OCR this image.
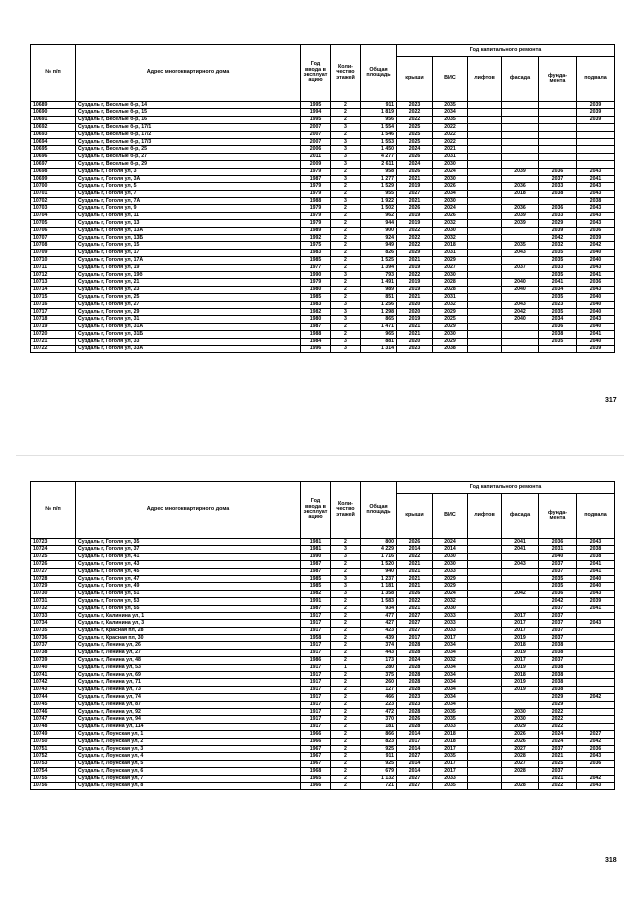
№ п/п	Адрес многоквартирного дома	Год ввода в эксплуат ацию	Коли-чество этажей	Общая площадь	Год капитального ремонта					
					крыши	ВИС	лифтов	фасада	фунда-мента	подвала
10689	Суздаль г, Веселые б-р, 14	1995	2	911	2023	2035				2039
10690	Суздаль г, Веселые б-р, 15	1994	2	1 819	2022	2034				2039
10691	Суздаль г, Веселые б-р, 16	1995	2	956	2022	2035				2039
10692	Суздаль г, Веселые б-р, 17/1	2007	3	1 554	2025	2022				
10693	Суздаль г, Веселые б-р, 17/2	2007	2	1 546	2025	2022				
10694	Суздаль г, Веселые б-р, 17/3	2007	3	1 553	2025	2022				
10695	Суздаль г, Веселые б-р, 25	2006	3	1 450	2024	2021				
10696	Суздаль г, Веселые б-р, 27	2011	3	4 277	2026	2031				
10697	Суздаль г, Веселые б-р, 29	2009	3	2 611	2024	2030				
10698	Суздаль г, Гоголя ул, 3	1979	2	958	2026	2024		2039	2036	2043
10699	Суздаль г, Гоголя ул, 3А	1987	3	1 277	2021	2030			2037	2041
10700	Суздаль г, Гоголя ул, 5	1979	2	1 529	2019	2026		2036	2033	2043
10701	Суздаль г, Гоголя ул, 7	1979	2	955	2027	2034		2018	2038	2043
10702	Суздаль г, Гоголя ул, 7А	1988	3	1 922	2021	2030				2038
10703	Суздаль г, Гоголя ул, 9	1979	2	1 502	2026	2024		2036	2036	2043
10704	Суздаль г, Гоголя ул, 11	1979	2	962	2019	2026		2039	2033	2043
10705	Суздаль г, Гоголя ул, 13	1979	2	944	2019	2032		2039	2029	2043
10706	Суздаль г, Гоголя ул, 13А	1989	2	900	2022	2030			2039	2036
10707	Суздаль г, Гоголя ул, 13Б	1992	2	924	2022	2032			2042	2039
10708	Суздаль г, Гоголя ул, 15	1975	2	949	2022	2018		2035	2032	2042
10709	Суздаль г, Гоголя ул, 17	1983	2	826	2029	2031		2043	2035	2040
10710	Суздаль г, Гоголя ул, 17А	1985	2	1 525	2021	2029			2035	2040
10711	Суздаль г, Гоголя ул, 19	1977	2	1 394	2019	2027		2037	2033	2043
10712	Суздаль г, Гоголя ул, 19б	1990	3	793	2022	2030			2035	2041
10713	Суздаль г, Гоголя ул, 21	1979	2	1 491	2019	2028		2040	2041	2036
10714	Суздаль г, Гоголя ул, 23	1980	2	989	2019	2028		2040	2034	2043
10715	Суздаль г, Гоголя ул, 25	1985	2	851	2021	2031			2035	2040
10716	Суздаль г, Гоголя ул, 27	1983	3	1 256	2020	2032		2043	2023	2040
10717	Суздаль г, Гоголя ул, 29	1982	3	1 298	2020	2029		2042	2035	2040
10718	Суздаль г, Гоголя ул, 31	1980	3	865	2019	2025		2040	2034	2043
10719	Суздаль г, Гоголя ул, 31А	1987	2	1 471	2021	2029			2036	2040
10720	Суздаль г, Гоголя ул, 31Б	1988	2	965	2021	2030			2038	2041
10721	Суздаль г, Гоголя ул, 33	1984	3	881	2020	2029			2035	2040
10722	Суздаль г, Гоголя ул, 33А	1996	3	1 314	2023	2038				2039
317
№ п/п	Адрес многоквартирного дома	Год ввода в эксплуат ацию	Коли-чество этажей	Общая площадь	Год капитального ремонта					
					крыши	ВИС	лифтов	фасада	фунда-мента	подвала
10723	Суздаль г, Гоголя ул, 35	1981	2	800	2026	2024		2041	2036	2043
10724	Суздаль г, Гоголя ул, 37	1981	3	4 229	2014	2014		2041	2031	2038
10725	Суздаль г, Гоголя ул, 41	1990	3	1 716	2022	2030			2040	2038
10726	Суздаль г, Гоголя ул, 43	1987	2	1 520	2021	2030		2043	2037	2041
10727	Суздаль г, Гоголя ул, 45	1987	2	940	2021	2033			2037	2041
10728	Суздаль г, Гоголя ул, 47	1985	3	1 237	2021	2029			2035	2040
10729	Суздаль г, Гоголя ул, 49	1985	3	1 181	2021	2029			2035	2040
10730	Суздаль г, Гоголя ул, 51	1982	3	1 358	2026	2024		2042	2036	2043
10731	Суздаль г, Гоголя ул, 53	1991	2	1 583	2022	2032			2042	2039
10732	Суздаль г, Гоголя ул, 55	1987	2	934	2021	2030			2037	2041
10733	Суздаль г, Калинина ул, 1	1917	2	477	2027	2033		2017	2037	
10734	Суздаль г, Калинина ул, 3	1917	2	427	2027	2033		2017	2037	2043
10735	Суздаль г, Красная пл, 28	1917	2	423	2027	2033		2017	2037	
10736	Суздаль г, Красная пл, 30	1958	2	439	2017	2017		2019	2037	
10737	Суздаль г, Ленина ул, 26	1917	2	374	2028	2034		2018	2038	
10738	Суздаль г, Ленина ул, 27	1917	2	443	2028	2034		2019	2038	
10739	Суздаль г, Ленина ул, 48	1986	2	173	2024	2032		2017	2037	
10740	Суздаль г, Ленина ул, 53	1917	1	280	2028	2034		2019	2038	
10741	Суздаль г, Ленина ул, 69	1917	2	375	2028	2034		2018	2038	
10742	Суздаль г, Ленина ул, 71	1917	2	260	2028	2034		2019	2038	
10743	Суздаль г, Ленина ул, 73	1917	2	127	2028	2034		2019	2038	
10744	Суздаль г, Ленина ул, 74	1917	2	466	2023	2034			2029	2042
10745	Суздаль г, Ленина ул, 87	1917	2	223	2023	2034			2029	
10746	Суздаль г, Ленина ул, 92	1917	2	472	2028	2035		2030	2022	
10747	Суздаль г, Ленина ул, 94	1917	2	370	2026	2035		2030	2022	
10748	Суздаль г, Ленина ул, 114	1917	2	181	2028	2033		2029	2022	
10749	Суздаль г, Лоунская ул, 1	1966	2	866	2014	2018		2026	2024	2027
10750	Суздаль г, Лоунская ул, 2	1966	2	823	2017	2018		2026	2024	2042
10751	Суздаль г, Лоунская ул, 3	1967	2	925	2014	2017		2027	2037	2036
10752	Суздаль г, Лоунская ул, 4	1967	2	911	2027	2035		2028	2021	2043
10753	Суздаль г, Лоунская ул, 5	1967	2	925	2014	2017		2027	2025	2036
10754	Суздаль г, Лоунская ул, 6	1968	2	679	2014	2017		2028	2037	
10755	Суздаль г, Лоунская ул, 7	1965	2	1 132	2027	2033			2021	2042
10756	Суздаль г, Лоунская ул, 8	1966	2	721	2027	2035		2028	2022	2043
318
